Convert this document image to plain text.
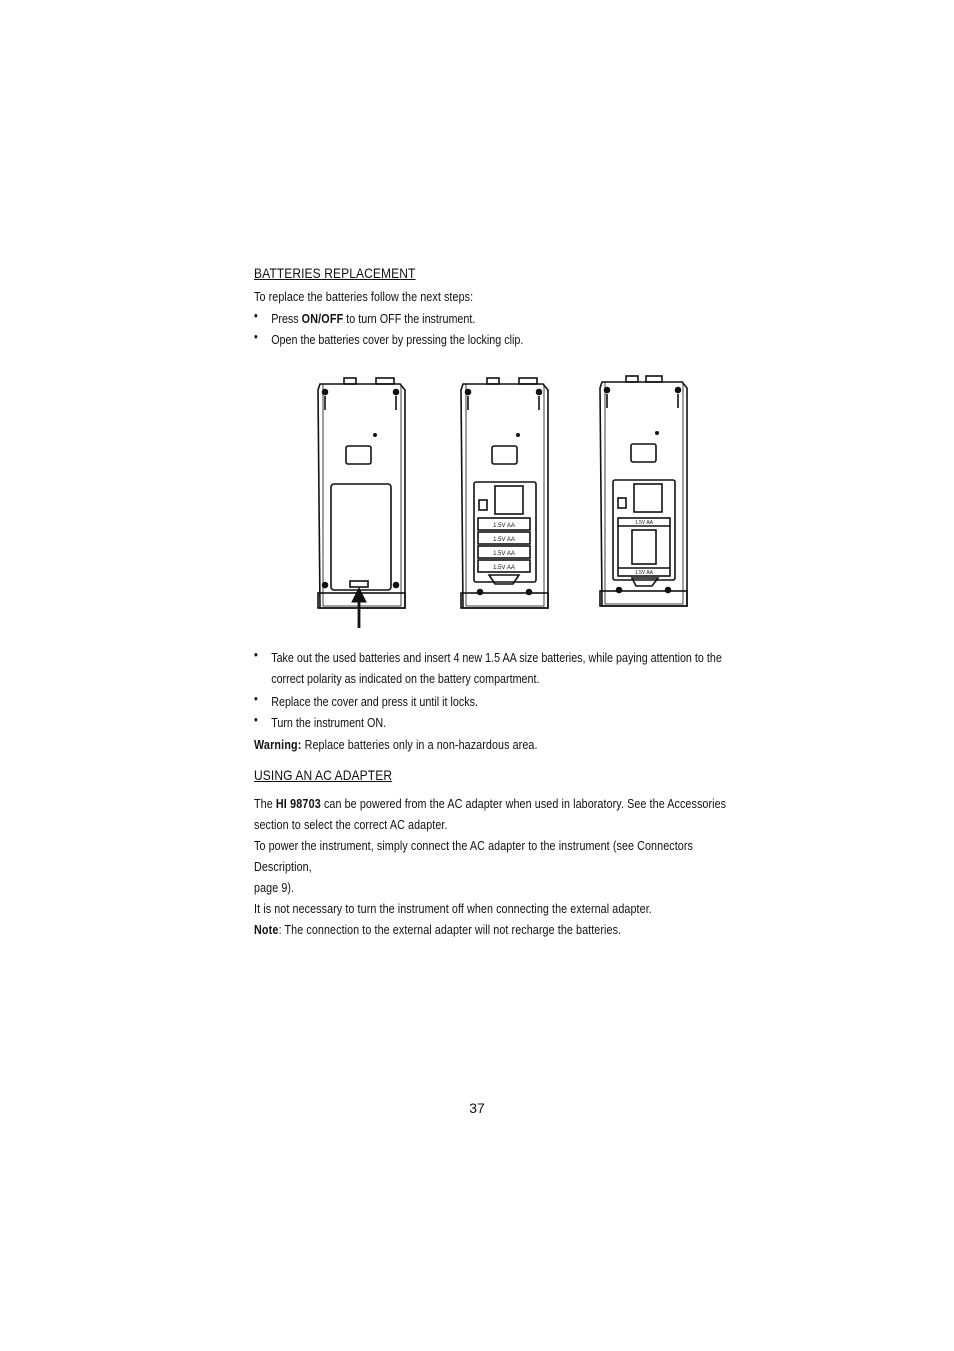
BATTERIES REPLACEMENT
To replace the batteries follow the next steps:
• Press ON/OFF to turn OFF the instrument.
• Open the batteries cover by pressing the locking clip.
1.5V AA
1.5V AA
1.5V AA
1.5V AA
1.5V AA
1.5V AA
• Take out the used batteries and insert 4 new 1.5 AA size batteries, while paying attention to the
correct polarity as indicated on the battery compartment.
• Replace the cover and press it until it locks.
• Turn the instrument ON.
Warning: Replace batteries only in a non-hazardous area.
USING AN AC ADAPTER
The HI 98703 can be powered from the AC adapter when used in laboratory. See the Accessories
section to select the correct AC adapter.
To power the instrument, simply connect the AC adapter to the instrument (see Connectors Description,
page 9).
It is not necessary to turn the instrument off when connecting the external adapter.
Note: The connection to the external adapter will not recharge the batteries.
37
